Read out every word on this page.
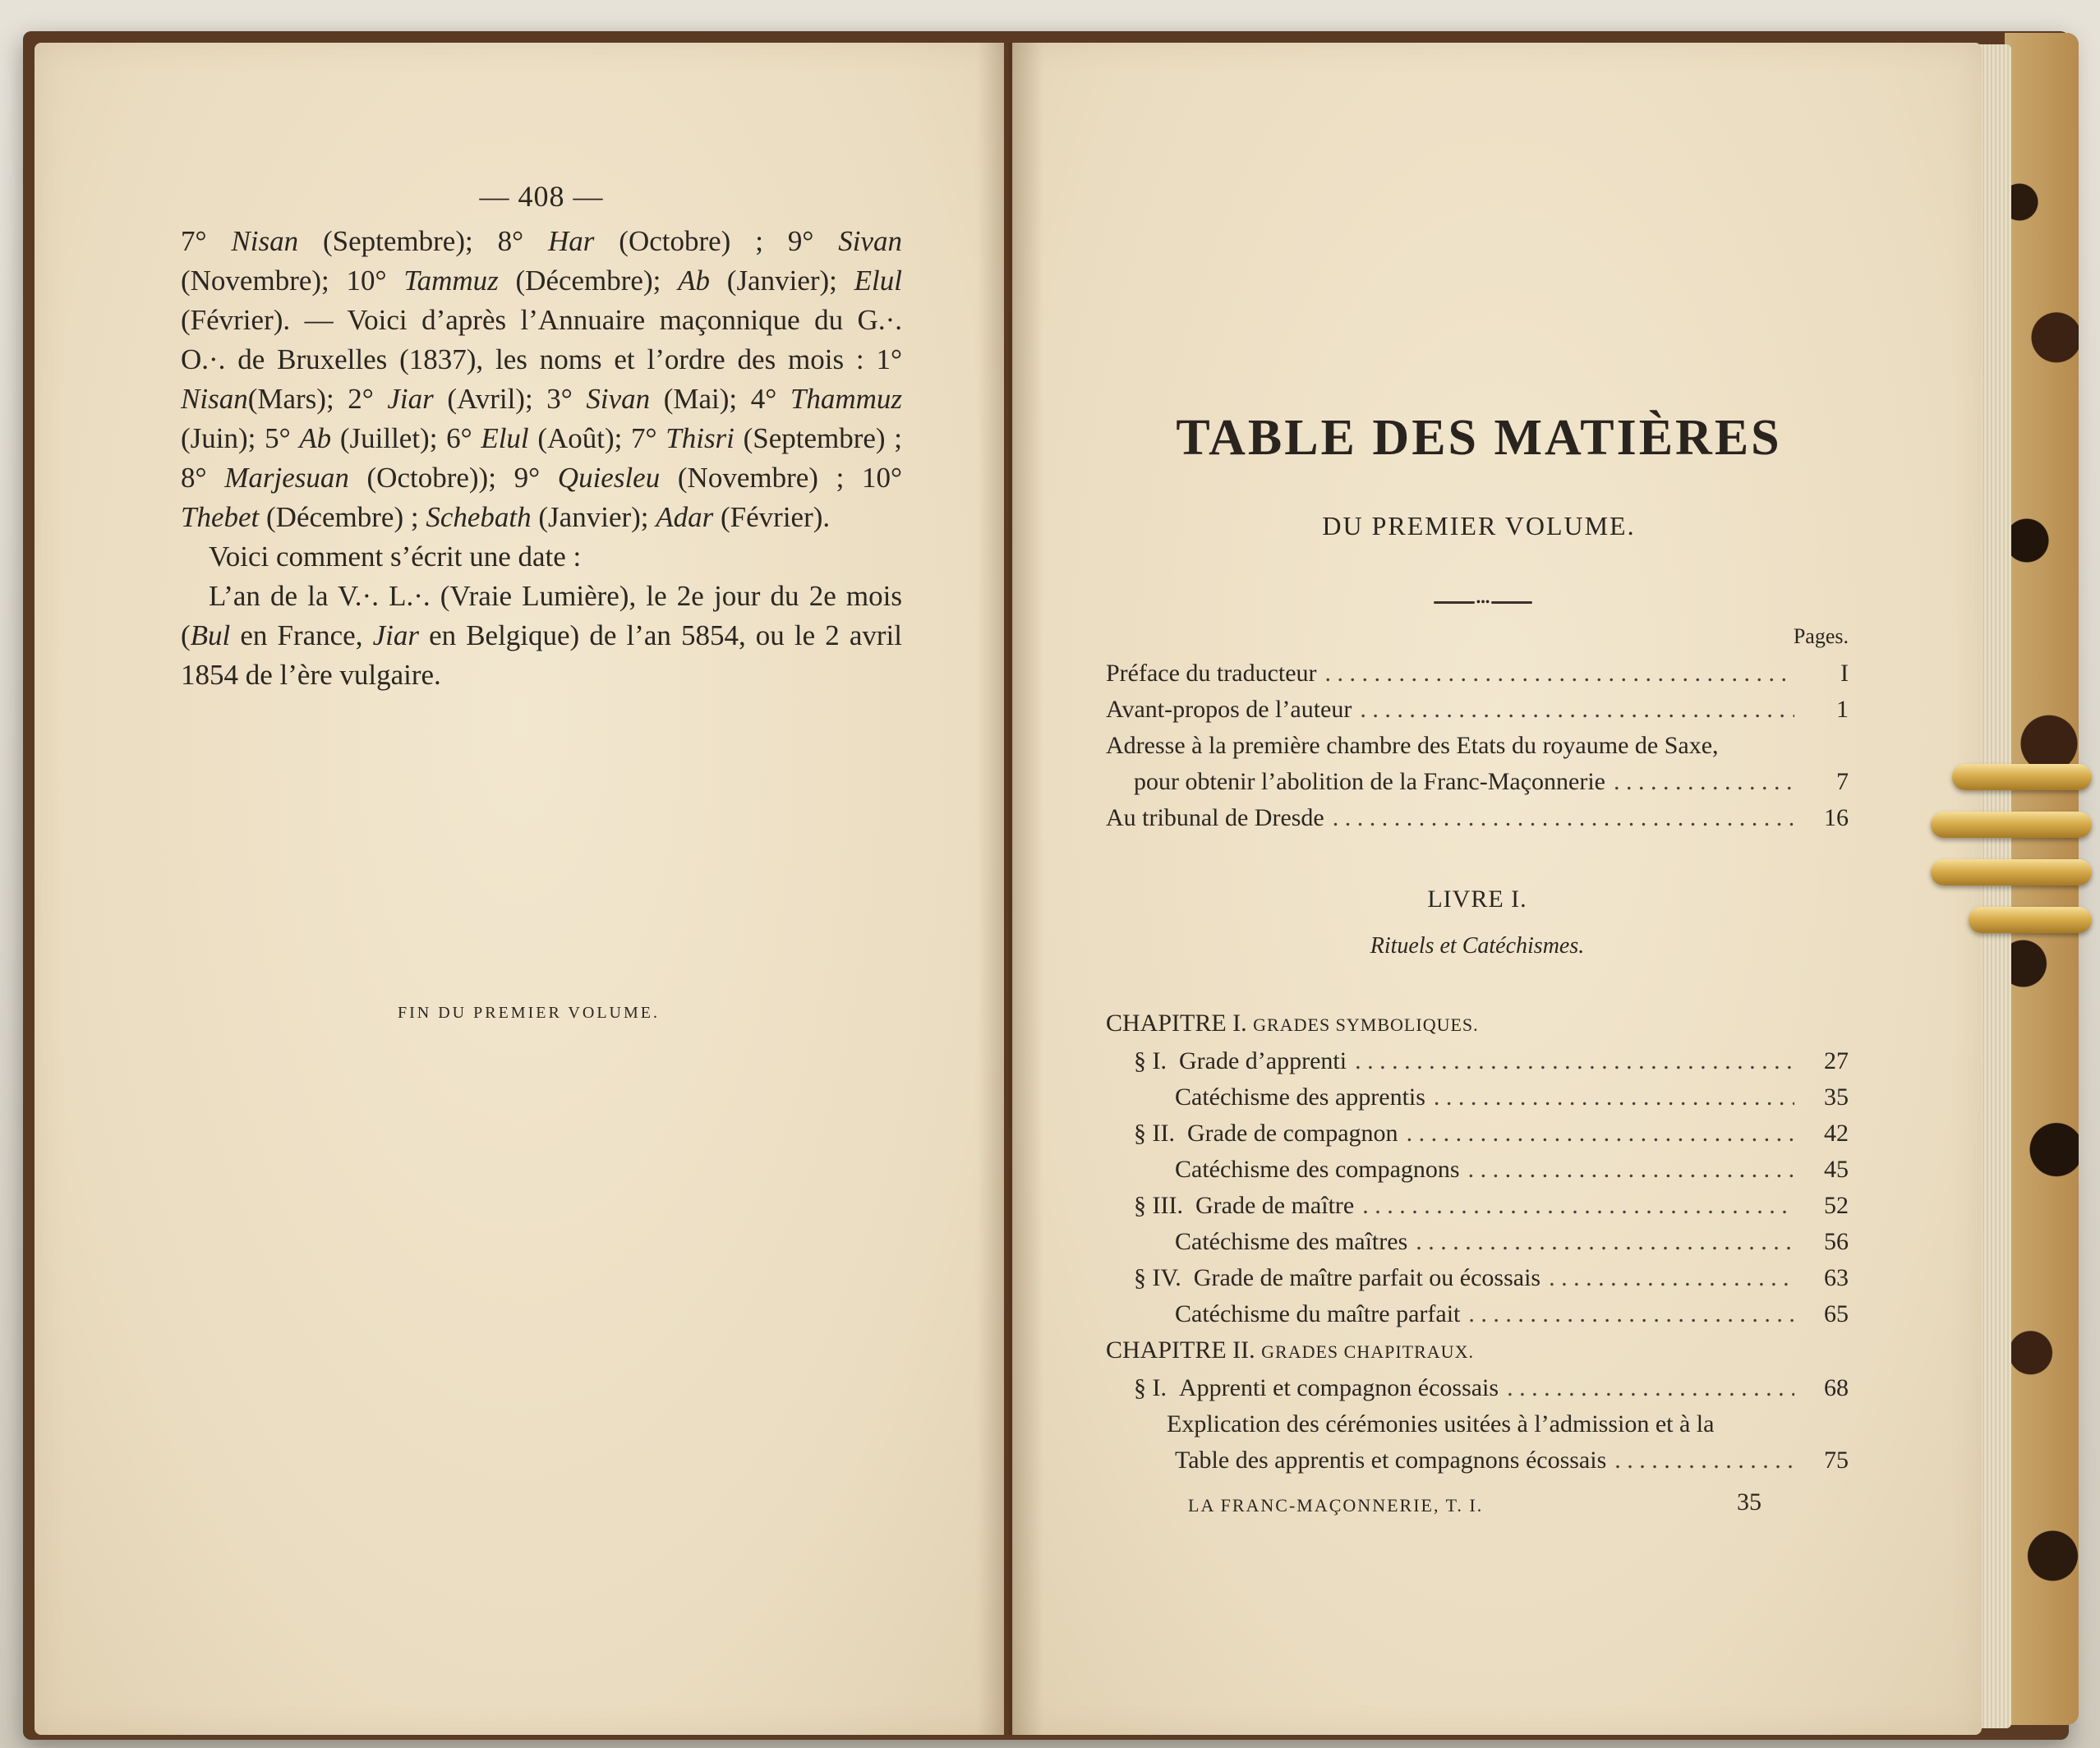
— 408 —

7° Nisan (Septembre); 8° Har (Octobre) ; 9° Sivan (Novembre); 10° Tammuz (Décembre); Ab (Janvier); Elul (Février). — Voici d’après l’Annuaire maçonnique du G.·. O.·. de Bruxelles (1837), les noms et l’ordre des mois : 1° Nisan(Mars); 2° Jiar (Avril); 3° Sivan (Mai); 4° Thammuz (Juin); 5° Ab (Juillet); 6° Elul (Août); 7° Thisri (Septembre) ; 8° Marjesuan (Octobre)); 9° Quiesleu (Novembre) ; 10° Thebet (Décembre) ; Schebath (Janvier); Adar (Février).

Voici comment s’écrit une date :

L’an de la V.·. L.·. (Vraie Lumière), le 2e jour du 2e mois (Bul en France, Jiar en Belgique) de l’an 5854, ou le 2 avril 1854 de l’ère vulgaire.

FIN DU PREMIER VOLUME.
TABLE DES MATIÈRES
DU PREMIER VOLUME.
•••
Pages.
Préface du traducteur . . .	I
Avant-propos de l’auteur . . .	1
Adresse à la première chambre des Etats du royaume de Saxe,
pour obtenir l’abolition de la Franc-Maçonnerie . . .	7
Au tribunal de Dresde . . .	16
LIVRE I.
Rituels et Catéchismes.
CHAPITRE I. GRADES SYMBOLIQUES.
§ I. Grade d’apprenti . . .	27
Catéchisme des apprentis . . .	35
§ II. Grade de compagnon . . .	42
Catéchisme des compagnons . . .	45
§ III. Grade de maître . . .	52
Catéchisme des maîtres . . .	56
§ IV. Grade de maître parfait ou écossais . . .	63
Catéchisme du maître parfait . . .	65
CHAPITRE II. GRADES CHAPITRAUX.
§ I. Apprenti et compagnon écossais . . .	68
Explication des cérémonies usitées à l’admission et à la
Table des apprentis et compagnons écossais . . .	75
LA FRANC-MAÇONNERIE, T. I.	35
